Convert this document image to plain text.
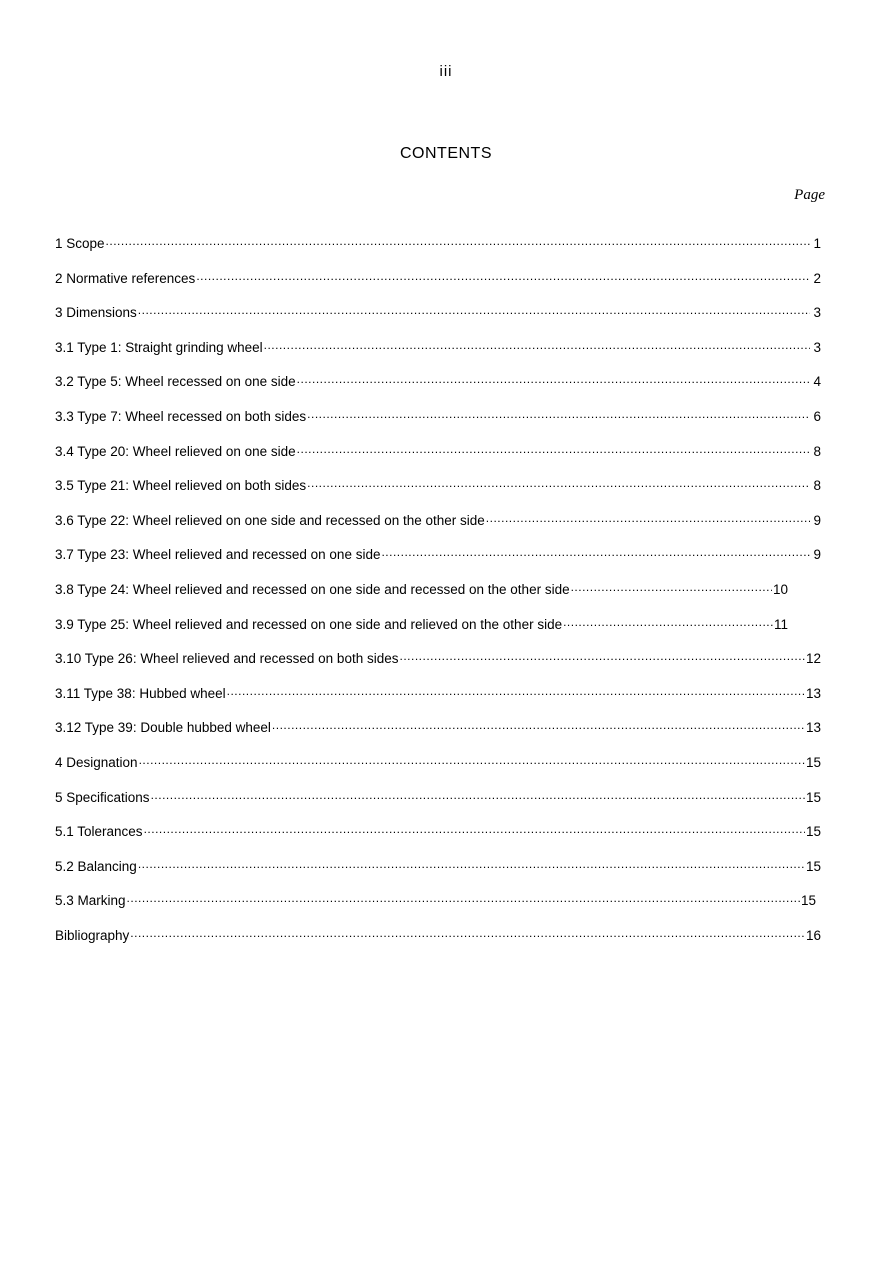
iii
CONTENTS
Page
1 Scope .....	1
2 Normative references .....	2
3 Dimensions .....	3
3.1 Type 1: Straight grinding wheel .....	3
3.2 Type 5: Wheel recessed on one side .....	4
3.3 Type 7: Wheel recessed on both sides .....	6
3.4 Type 20: Wheel relieved on one side .....	8
3.5 Type 21: Wheel relieved on both sides .....	8
3.6 Type 22: Wheel relieved on one side and recessed on the other side .....	9
3.7 Type 23: Wheel relieved and recessed on one side .....	9
3.8 Type 24: Wheel relieved and recessed on one side and recessed on the other side .....	10
3.9 Type 25: Wheel relieved and recessed on one side and relieved on the other side .....	11
3.10 Type 26: Wheel relieved and recessed on both sides .....	12
3.11 Type 38: Hubbed wheel .....	13
3.12 Type 39: Double hubbed wheel .....	13
4 Designation .....	15
5 Specifications .....	15
5.1 Tolerances .....	15
5.2 Balancing .....	15
5.3 Marking .....	15
Bibliography .....	16
